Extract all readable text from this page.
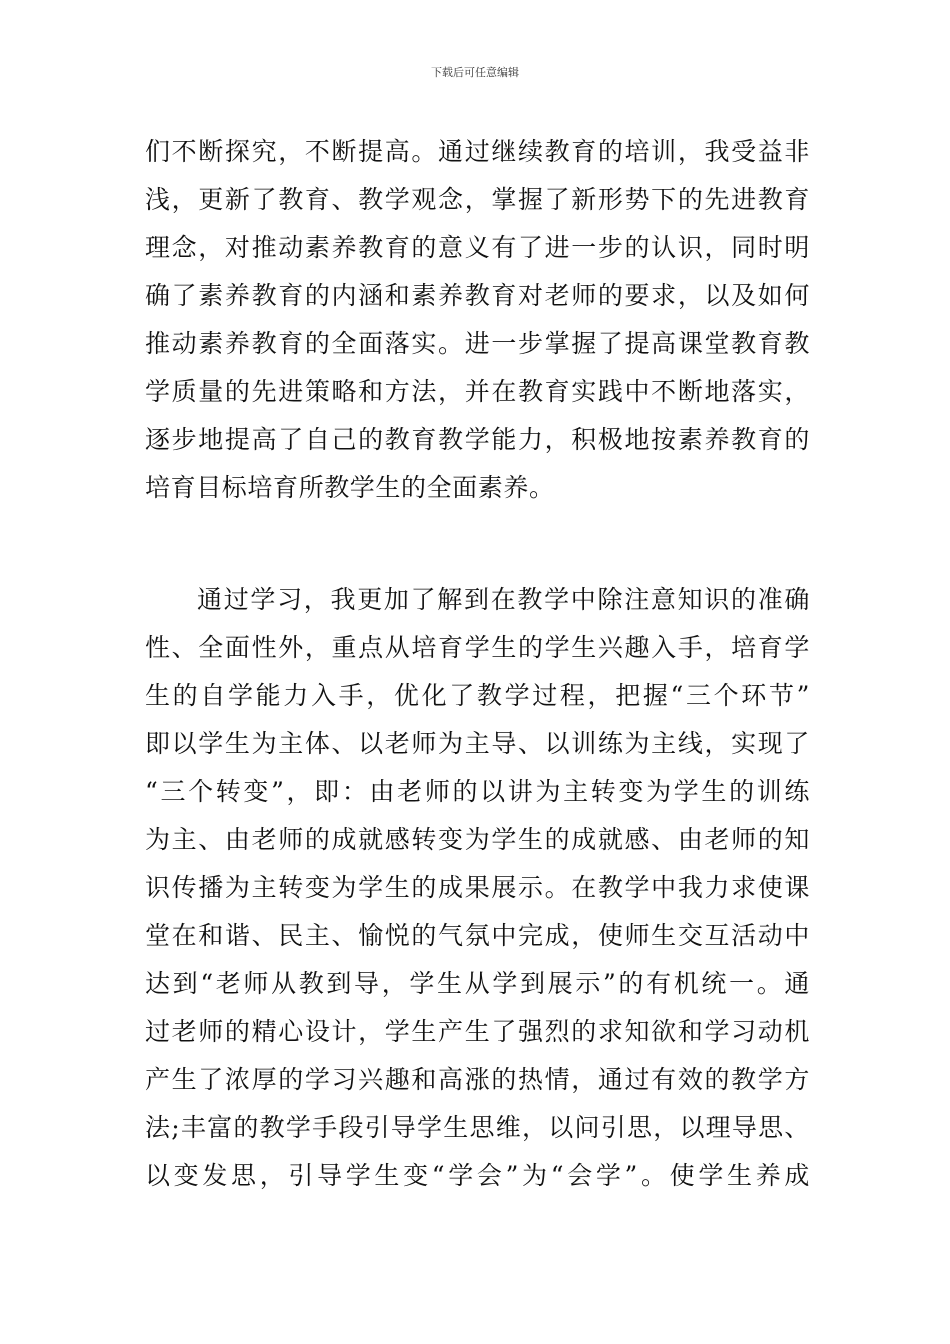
下载后可任意编辑
们不断探究，不断提高。通过继续教育的培训，我受益非
浅，更新了教育、教学观念，掌握了新形势下的先进教育
理念，对推动素养教育的意义有了进一步的认识，同时明
确了素养教育的内涵和素养教育对老师的要求，以及如何
推动素养教育的全面落实。进一步掌握了提高课堂教育教
学质量的先进策略和方法，并在教育实践中不断地落实，
逐步地提高了自己的教育教学能力，积极地按素养教育的
培育目标培育所教学生的全面素养。
通过学习，我更加了解到在教学中除注意知识的准确
性、全面性外，重点从培育学生的学生兴趣入手，培育学
生的自学能力入手，优化了教学过程，把握“三个环节”
即以学生为主体、以老师为主导、以训练为主线，实现了
“三个转变”，即：由老师的以讲为主转变为学生的训练
为主、由老师的成就感转变为学生的成就感、由老师的知
识传播为主转变为学生的成果展示。在教学中我力求使课
堂在和谐、民主、愉悦的气氛中完成，使师生交互活动中
达到“老师从教到导，学生从学到展示”的有机统一。通
过老师的精心设计，学生产生了强烈的求知欲和学习动机
产生了浓厚的学习兴趣和高涨的热情，通过有效的教学方
法;丰富的教学手段引导学生思维，以问引思，以理导思、
以变发思，引导学生变“学会”为“会学”。使学生养成
